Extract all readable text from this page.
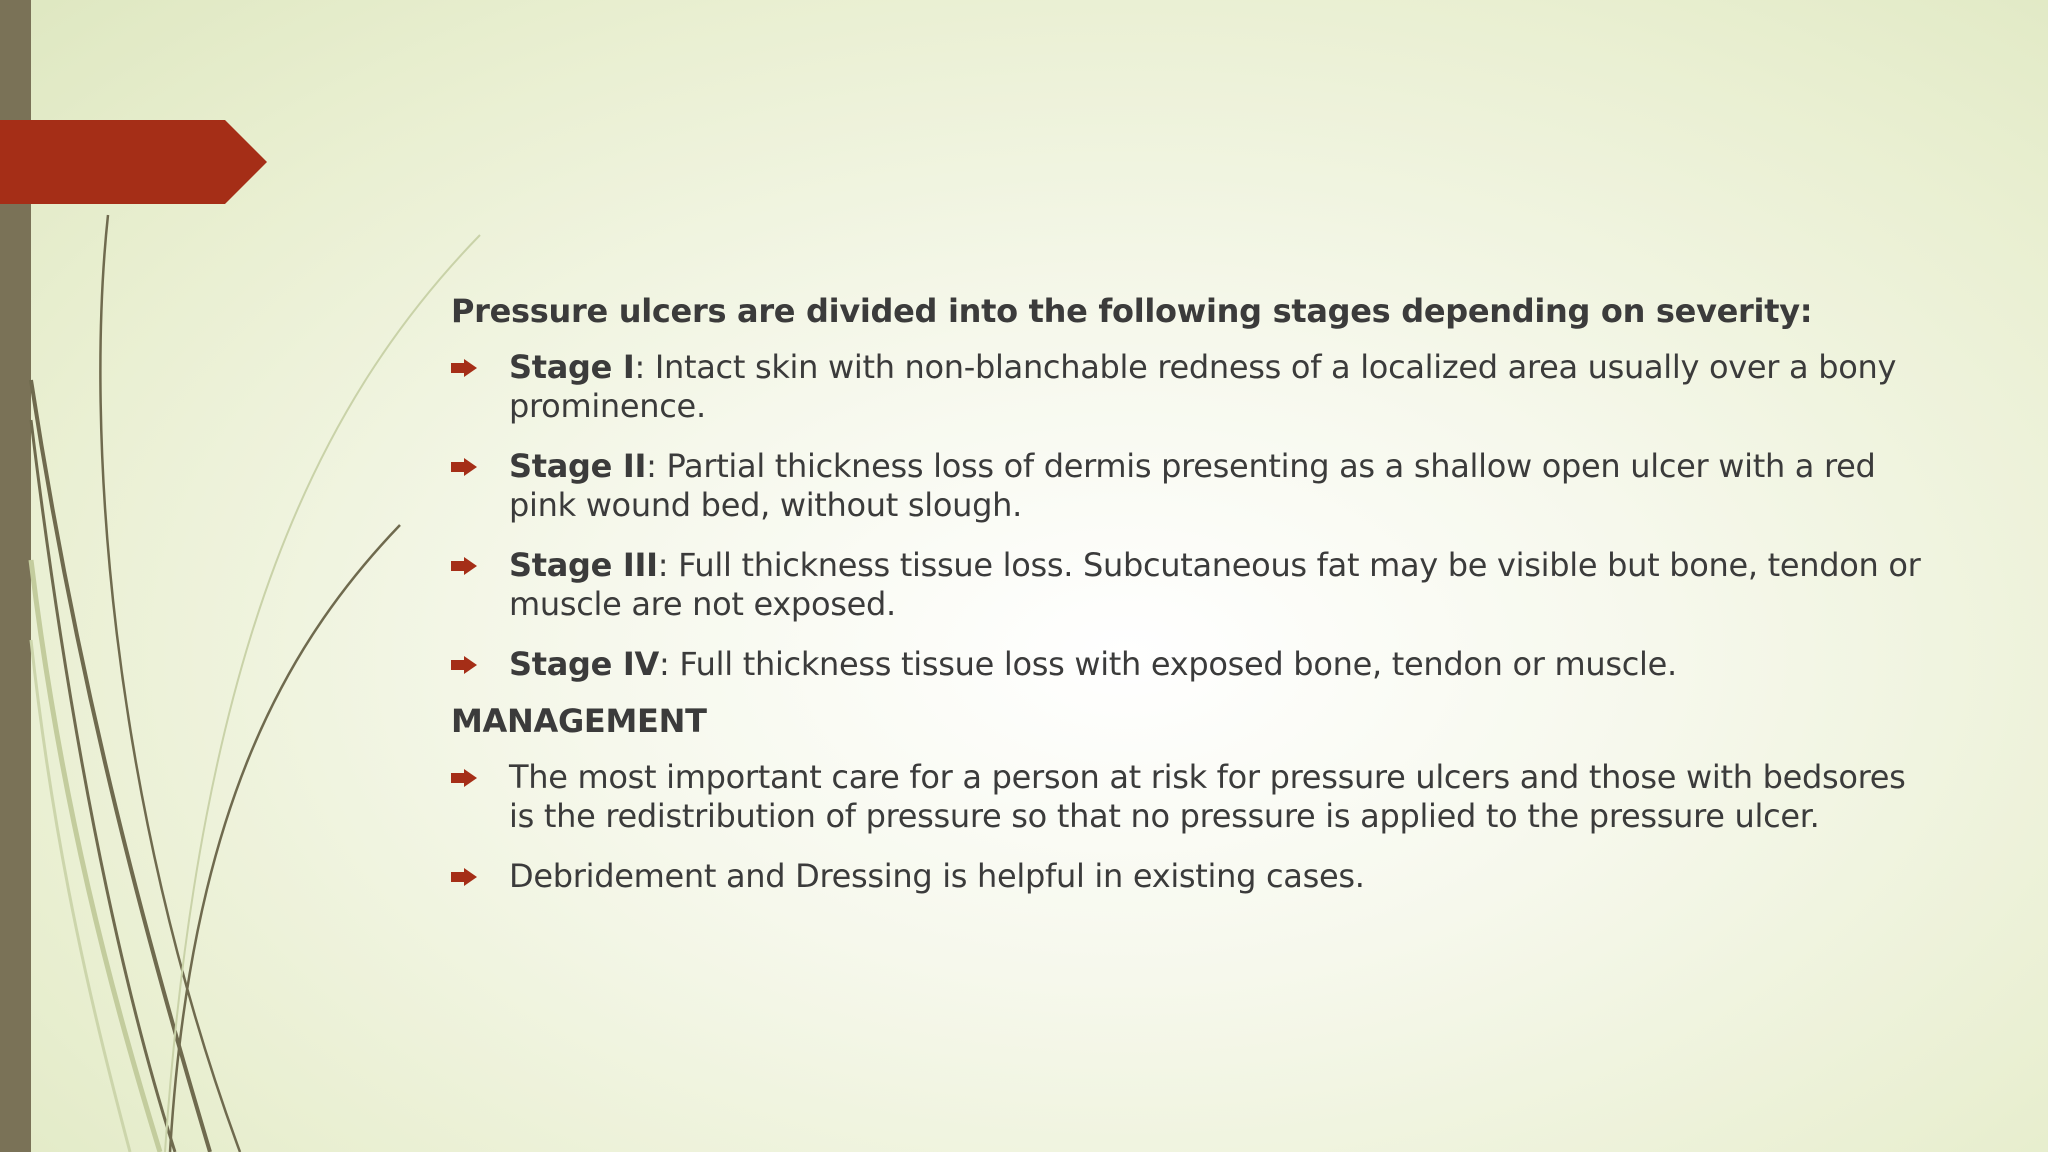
Pressure ulcers are divided into the following stages depending on severity:

Stage I: Intact skin with non-blanchable redness of a localized area usually over a bony prominence.
Stage II: Partial thickness loss of dermis presenting as a shallow open ulcer with a red pink wound bed, without slough.
Stage III: Full thickness tissue loss. Subcutaneous fat may be visible but bone, tendon or muscle are not exposed.
Stage IV: Full thickness tissue loss with exposed bone, tendon or muscle.

MANAGEMENT

The most important care for a person at risk for pressure ulcers and those with bedsores is the redistribution of pressure so that no pressure is applied to the pressure ulcer.
Debridement and Dressing is helpful in existing cases.
